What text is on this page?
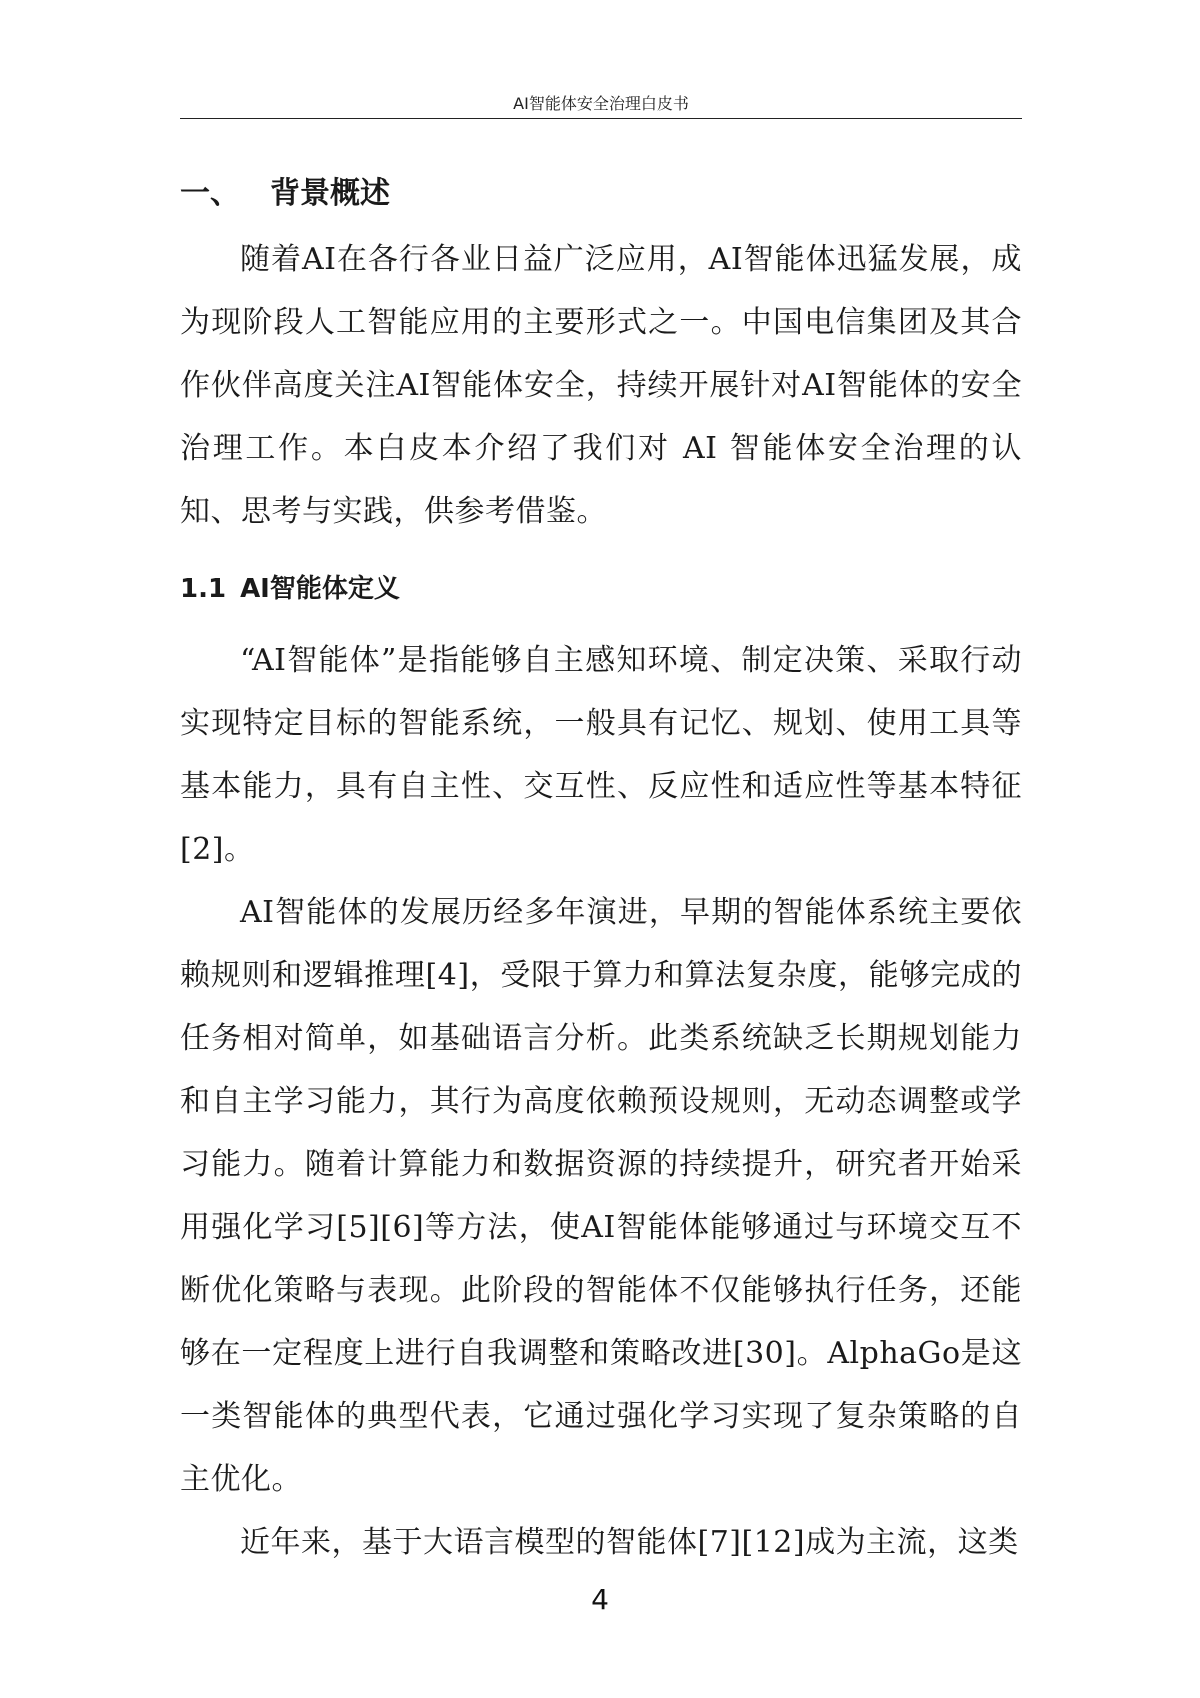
AI智能体安全治理白皮书
一、 背景概述

随着AI在各行各业日益广泛应用，AI智能体迅猛发展，成为现阶段人工智能应用的主要形式之一。中国电信集团及其合作伙伴高度关注AI智能体安全，持续开展针对AI智能体的安全治理工作。本白皮本介绍了我们对 AI 智能体安全治理的认知、思考与实践，供参考借鉴。

1.1 AI智能体定义

“AI智能体”是指能够自主感知环境、制定决策、采取行动实现特定目标的智能系统，一般具有记忆、规划、使用工具等基本能力，具有自主性、交互性、反应性和适应性等基本特征[2]。

AI智能体的发展历经多年演进，早期的智能体系统主要依赖规则和逻辑推理[4]，受限于算力和算法复杂度，能够完成的任务相对简单，如基础语言分析。此类系统缺乏长期规划能力和自主学习能力，其行为高度依赖预设规则，无动态调整或学习能力。随着计算能力和数据资源的持续提升，研究者开始采用强化学习[5][6]等方法，使AI智能体能够通过与环境交互不断优化策略与表现。此阶段的智能体不仅能够执行任务，还能够在一定程度上进行自我调整和策略改进[30]。AlphaGo是这一类智能体的典型代表，它通过强化学习实现了复杂策略的自主优化。

近年来，基于大语言模型的智能体[7][12]成为主流，这类

4
